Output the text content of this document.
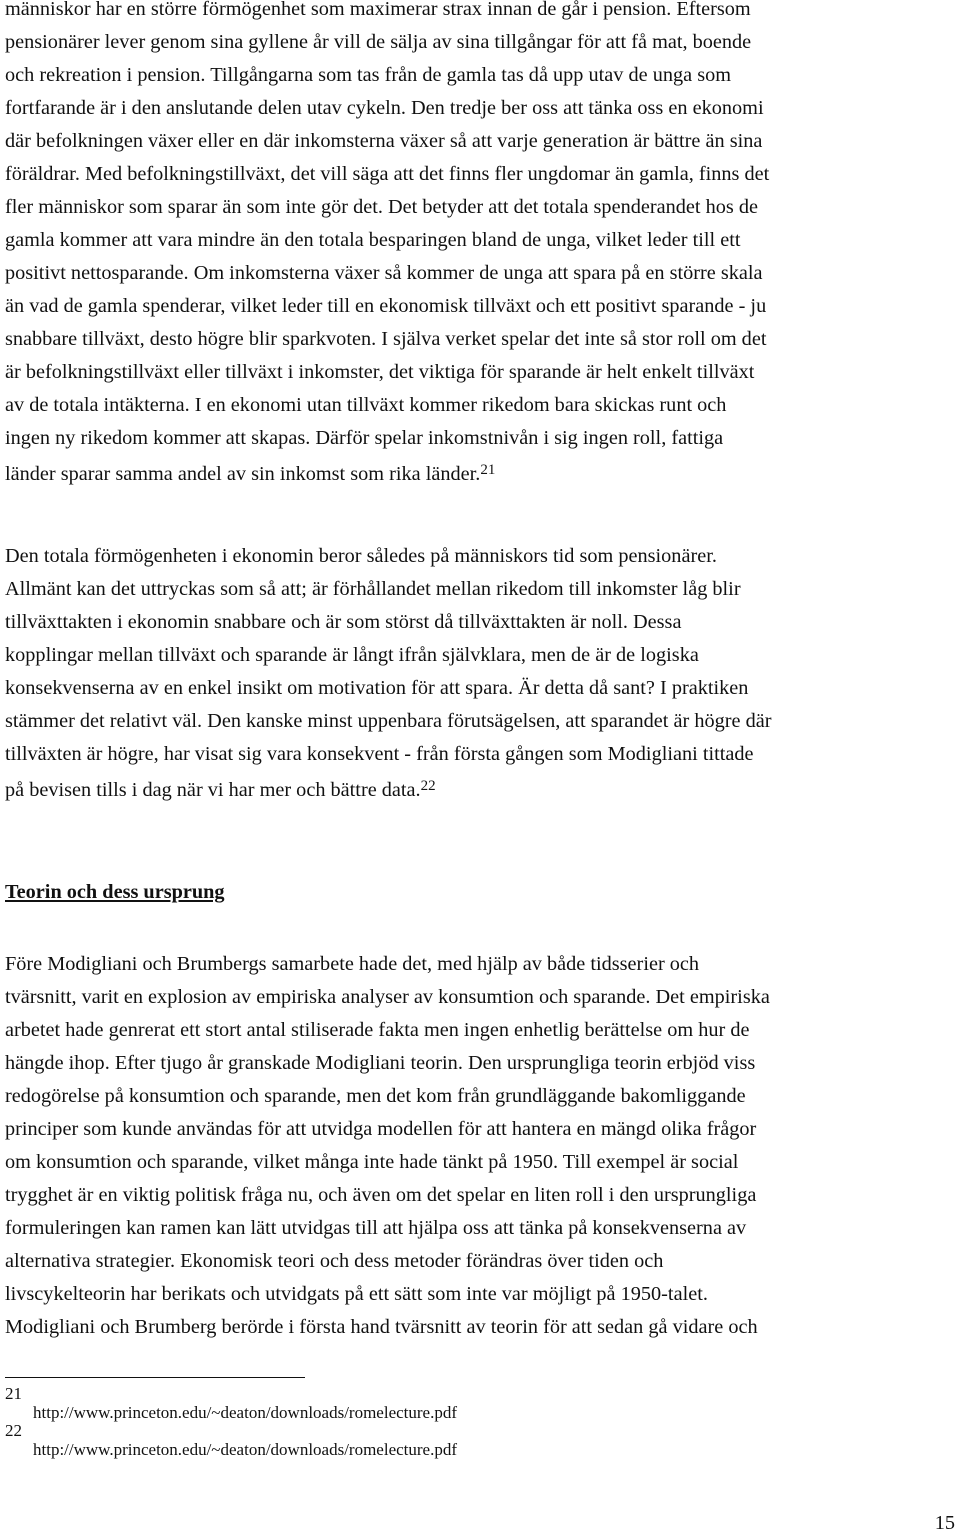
människor har en större förmögenhet som maximerar strax innan de går i pension. Eftersom
pensionärer lever genom sina gyllene år vill de sälja av sina tillgångar för att få mat, boende
och rekreation i pension. Tillgångarna som tas från de gamla tas då upp utav de unga som
fortfarande är i den anslutande delen utav cykeln. Den tredje ber oss att tänka oss en ekonomi
där befolkningen växer eller en där inkomsterna växer så att varje generation är bättre än sina
föräldrar. Med befolkningstillväxt, det vill säga att det finns fler ungdomar än gamla, finns det
fler människor som sparar än som inte gör det. Det betyder att det totala spenderandet hos de
gamla kommer att vara mindre än den totala besparingen bland de unga, vilket leder till ett
positivt nettosparande. Om inkomsterna växer så kommer de unga att spara på en större skala
än vad de gamla spenderar, vilket leder till en ekonomisk tillväxt och ett positivt sparande - ju
snabbare tillväxt, desto högre blir sparkvoten. I själva verket spelar det inte så stor roll om det
är befolkningstillväxt eller tillväxt i inkomster, det viktiga för sparande är helt enkelt tillväxt
av de totala intäkterna. I en ekonomi utan tillväxt kommer rikedom bara skickas runt och
ingen ny rikedom kommer att skapas. Därför spelar inkomstnivån i sig ingen roll, fattiga
länder sparar samma andel av sin inkomst som rika länder.$^{21}$
Den totala förmögenheten i ekonomin beror således på människors tid som pensionärer.
Allmänt kan det uttryckas som så att; är förhållandet mellan rikedom till inkomster låg blir
tillväxttakten i ekonomin snabbare och är som störst då tillväxttakten är noll. Dessa
kopplingar mellan tillväxt och sparande är långt ifrån självklara, men de är de logiska
konsekvenserna av en enkel insikt om motivation för att spara. Är detta då sant? I praktiken
stämmer det relativt väl. Den kanske minst uppenbara förutsägelsen, att sparandet är högre där
tillväxten är högre, har visat sig vara konsekvent - från första gången som Modigliani tittade
på bevisen tills i dag när vi har mer och bättre data.$^{22}$
Teorin och dess ursprung
Före Modigliani och Brumbergs samarbete hade det, med hjälp av både tidsserier och
tvärsnitt, varit en explosion av empiriska analyser av konsumtion och sparande. Det empiriska
arbetet hade genrerat ett stort antal stiliserade fakta men ingen enhetlig berättelse om hur de
hängde ihop. Efter tjugo år granskade Modigliani teorin. Den ursprungliga teorin erbjöd viss
redogörelse på konsumtion och sparande, men det kom från grundläggande bakomliggande
principer som kunde användas för att utvidga modellen för att hantera en mängd olika frågor
om konsumtion och sparande, vilket många inte hade tänkt på 1950. Till exempel är social
trygghet är en viktig politisk fråga nu, och även om det spelar en liten roll i den ursprungliga
formuleringen kan ramen kan lätt utvidgas till att hjälpa oss att tänka på konsekvenserna av
alternativa strategier. Ekonomisk teori och dess metoder förändras över tiden och
livscykelteorin har berikats och utvidgats på ett sätt som inte var möjligt på 1950-talet.
Modigliani och Brumberg berörde i första hand tvärsnitt av teorin för att sedan gå vidare och
21
http://www.princeton.edu/~deaton/downloads/romelecture.pdf
22
http://www.princeton.edu/~deaton/downloads/romelecture.pdf
15
